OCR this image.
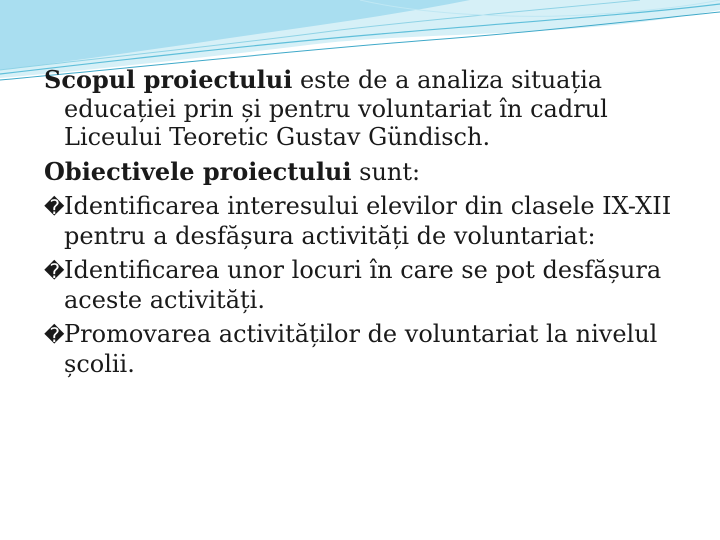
Scopul proiectului este de a analiza situația educației prin și pentru voluntariat în cadrul Liceului Teoretic Gustav Gündisch.

Obiectivele proiectului sunt:

�Identificarea interesului elevilor din clasele IX-XII pentru a desfășura activități de voluntariat:

�Identificarea unor locuri în care se pot desfășura aceste activități.

�Promovarea activităților de voluntariat la nivelul școlii.
